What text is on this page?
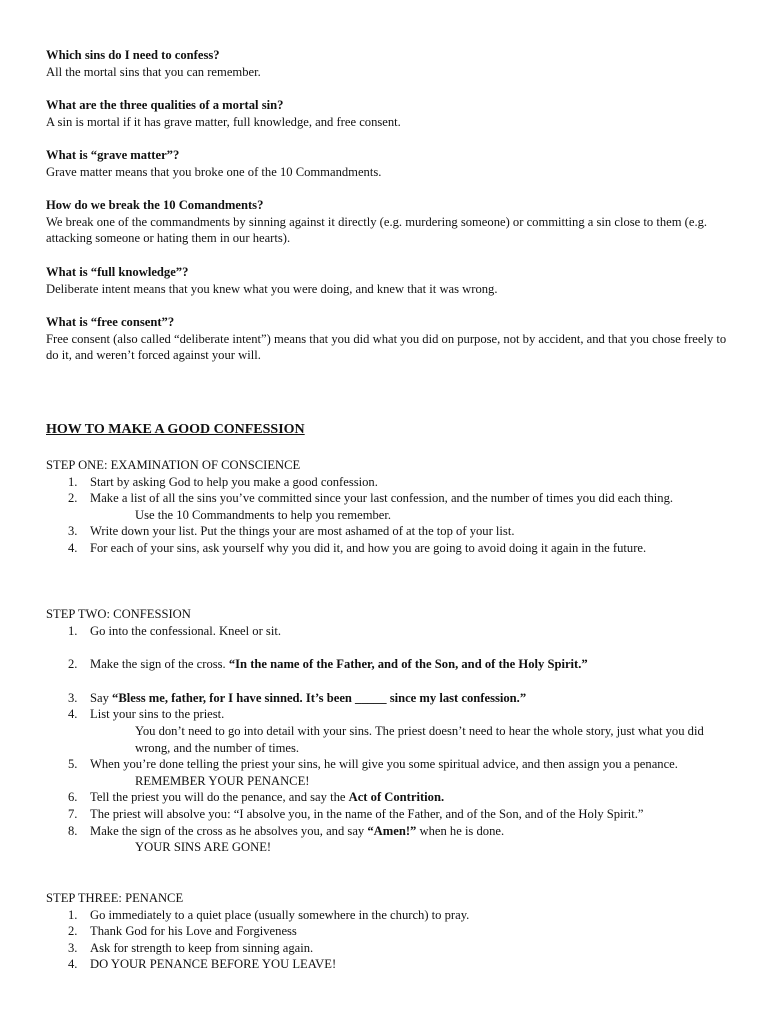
Which sins do I need to confess?
All the mortal sins that you can remember.
What are the three qualities of a mortal sin?
A sin is mortal if it has grave matter, full knowledge, and free consent.
What is “grave matter”?
Grave matter means that you broke one of the 10 Commandments.
How do we break the 10 Comandments?
We break one of the commandments by sinning against it directly (e.g. murdering someone) or committing a sin close to them (e.g. attacking someone or hating them in our hearts).
What is “full knowledge”?
Deliberate intent means that you knew what you were doing, and knew that it was wrong.
What is “free consent”?
Free consent (also called “deliberate intent”) means that you did what you did on purpose, not by accident, and that you chose freely to do it, and weren’t forced against your will.
HOW TO MAKE A GOOD CONFESSION
STEP ONE: EXAMINATION OF CONSCIENCE
1. Start by asking God to help you make a good confession.
2. Make a list of all the sins you’ve committed since your last confession, and the number of times you did each thing.
Use the 10 Commandments to help you remember.
3. Write down your list. Put the things your are most ashamed of at the top of your list.
4. For each of your sins, ask yourself why you did it, and how you are going to avoid doing it again in the future.
STEP TWO: CONFESSION
1. Go into the confessional. Kneel or sit.
2. Make the sign of the cross. “In the name of the Father, and of the Son, and of the Holy Spirit.”
3. Say “Bless me, father, for I have sinned. It’s been _____ since my last confession.”
4. List your sins to the priest.
You don’t need to go into detail with your sins. The priest doesn’t need to hear the whole story, just what you did wrong, and the number of times.
5. When you’re done telling the priest your sins, he will give you some spiritual advice, and then assign you a penance.
REMEMBER YOUR PENANCE!
6. Tell the priest you will do the penance, and say the Act of Contrition.
7. The priest will absolve you: “I absolve you, in the name of the Father, and of the Son, and of the Holy Spirit.”
8. Make the sign of the cross as he absolves you, and say “Amen!” when he is done.
YOUR SINS ARE GONE!
STEP THREE: PENANCE
1. Go immediately to a quiet place (usually somewhere in the church) to pray.
2. Thank God for his Love and Forgiveness
3. Ask for strength to keep from sinning again.
4. DO YOUR PENANCE BEFORE YOU LEAVE!
